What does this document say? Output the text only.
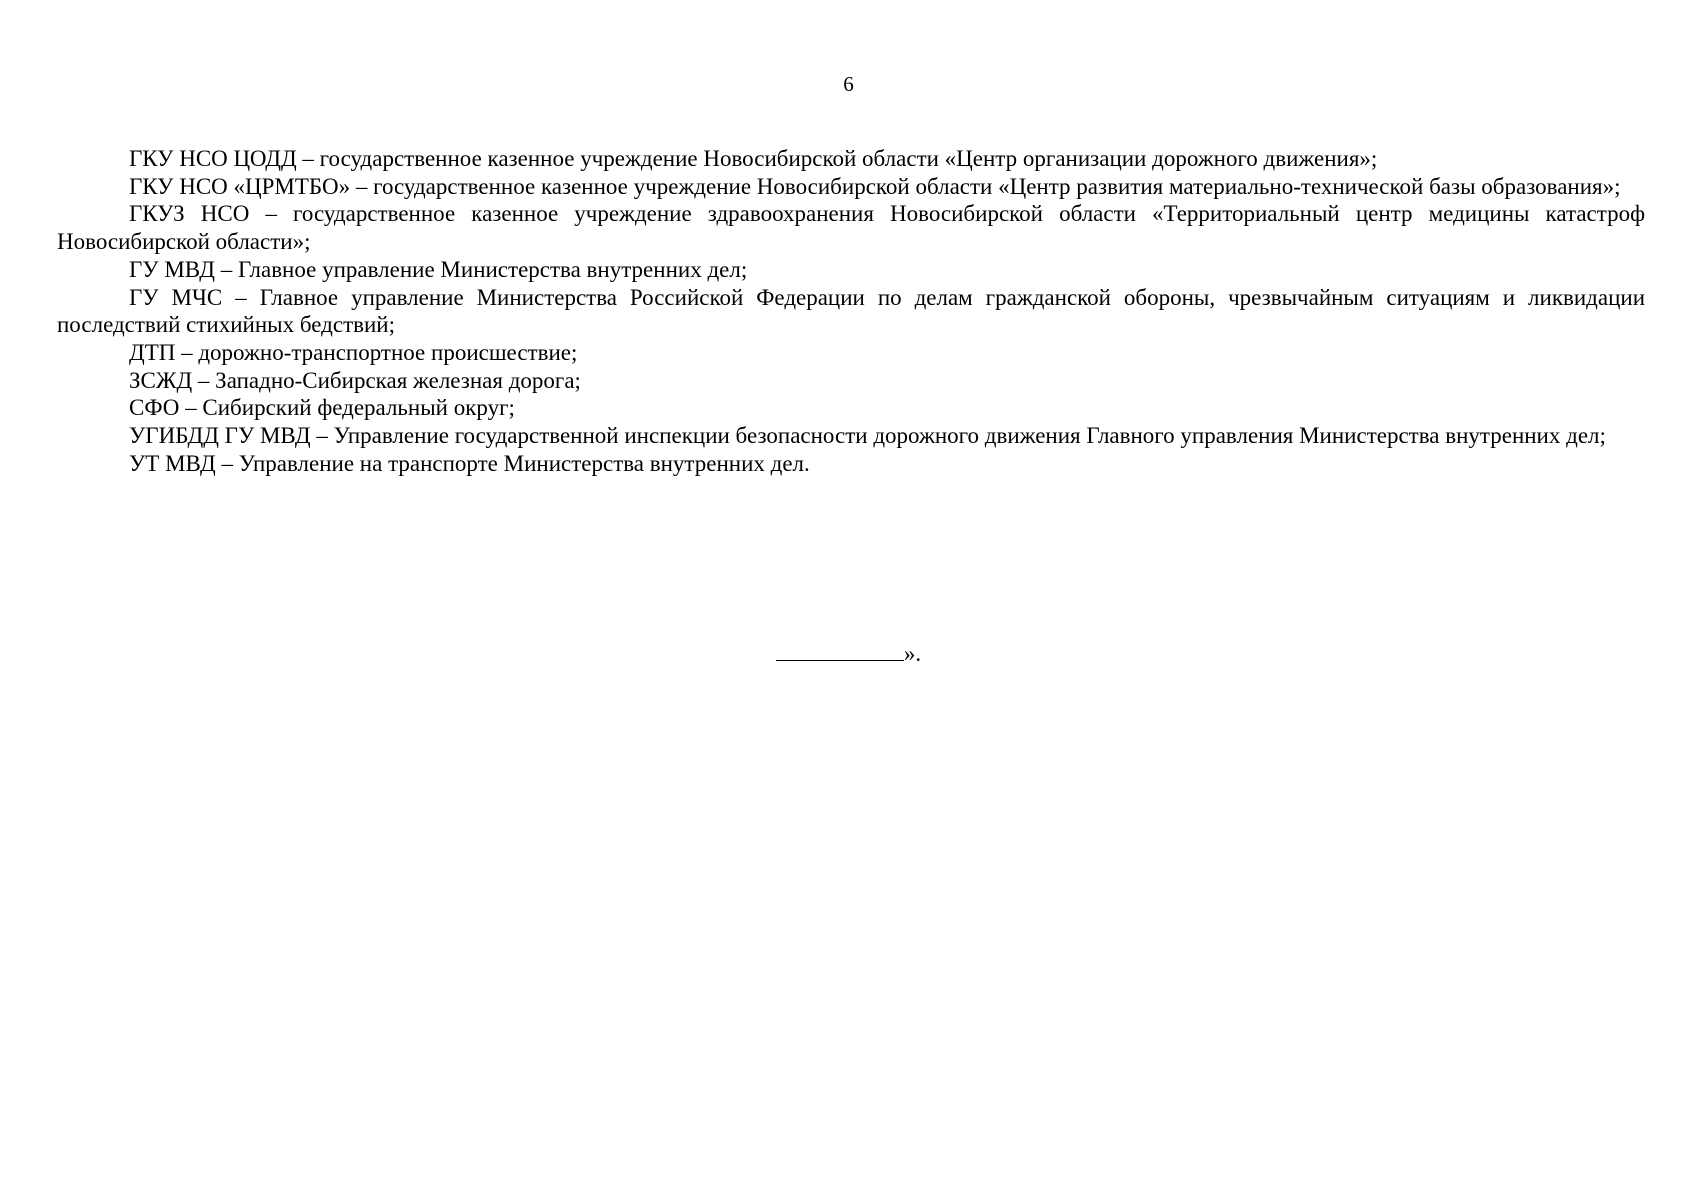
6

ГКУ НСО ЦОДД – государственное казенное учреждение Новосибирской области «Центр организации дорожного движения»;

ГКУ НСО «ЦРМТБО» – государственное казенное учреждение Новосибирской области «Центр развития материально-технической базы образования»;

ГКУЗ НСО – государственное казенное учреждение здравоохранения Новосибирской области «Территориальный центр медицины катастроф Новосибирской области»;

ГУ МВД – Главное управление Министерства внутренних дел;

ГУ МЧС – Главное управление Министерства Российской Федерации по делам гражданской обороны, чрезвычайным ситуациям и ликвидации последствий стихийных бедствий;

ДТП – дорожно-транспортное происшествие;

ЗСЖД – Западно-Сибирская железная дорога;

СФО – Сибирский федеральный округ;

УГИБДД ГУ МВД – Управление государственной инспекции безопасности дорожного движения Главного управления Министерства внутренних дел;

УТ МВД – Управление на транспорте Министерства внутренних дел.

».
